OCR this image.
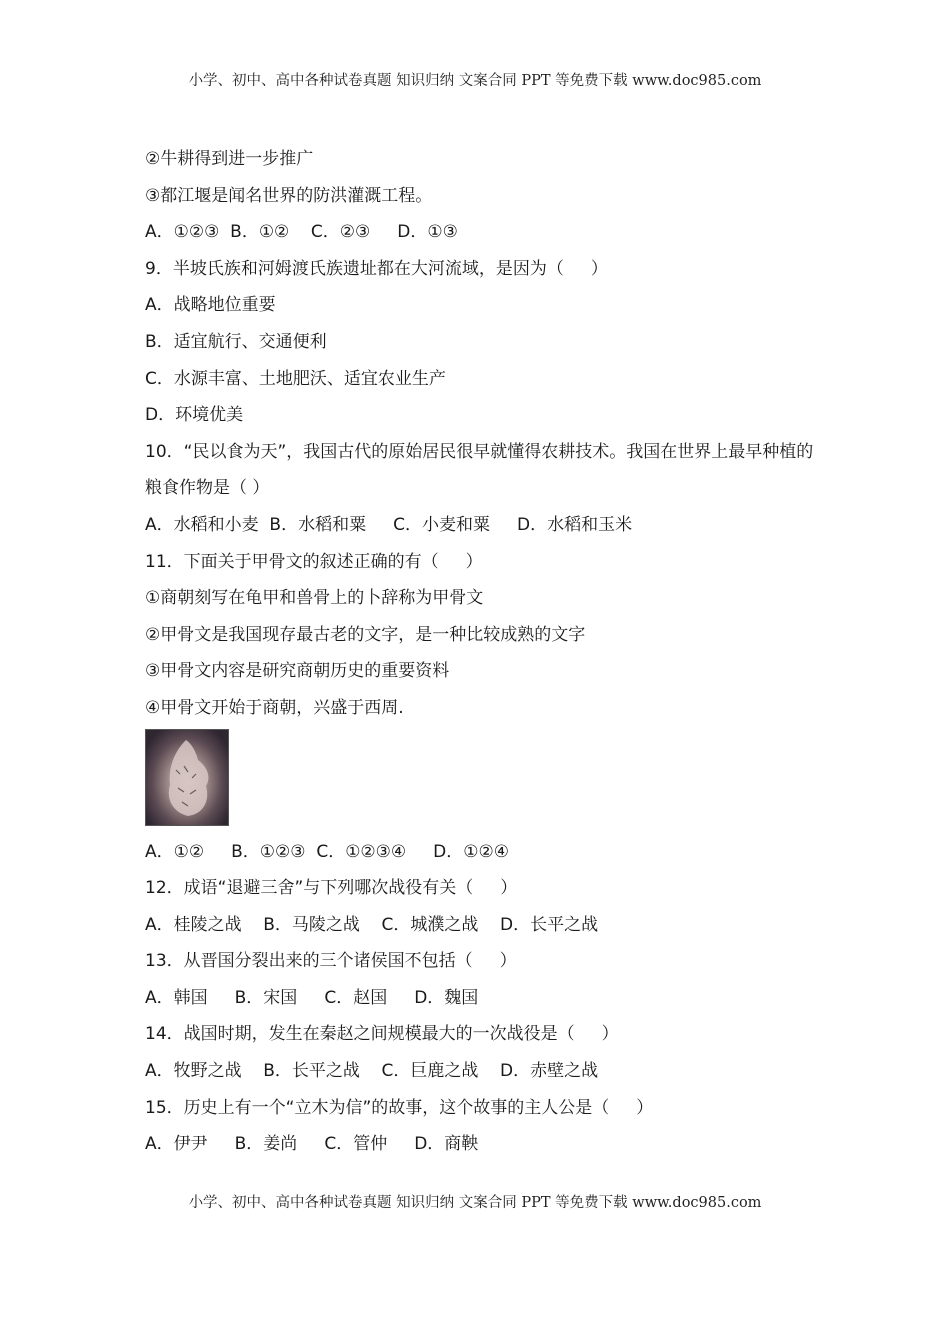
小学、初中、高中各种试卷真题 知识归纳 文案合同 PPT 等免费下载 www.doc985.com
②牛耕得到进一步推广
③都江堰是闻名世界的防洪灌溉工程。
A．①②③  B．①②    C．②③     D．①③
9．半坡氏族和河姆渡氏族遗址都在大河流域，是因为（     ）
A．战略地位重要
B．适宜航行、交通便利
C．水源丰富、土地肥沃、适宜农业生产
D．环境优美
10．“民以食为天”，我国古代的原始居民很早就懂得农耕技术。我国在世界上最早种植的粮食作物是（ ）
A．水稻和小麦  B．水稻和粟     C．小麦和粟     D．水稻和玉米
11．下面关于甲骨文的叙述正确的有（     ）
①商朝刻写在龟甲和兽骨上的卜辞称为甲骨文
②甲骨文是我国现存最古老的文字，是一种比较成熟的文字
③甲骨文内容是研究商朝历史的重要资料
④甲骨文开始于商朝，兴盛于西周.
A．①②     B．①②③  C．①②③④     D．①②④
12．成语“退避三舍”与下列哪次战役有关（     ）
A．桂陵之战    B．马陵之战    C．城濮之战    D．长平之战
13．从晋国分裂出来的三个诸侯国不包括（     ）
A．韩国     B．宋国     C．赵国     D．魏国
14．战国时期，发生在秦赵之间规模最大的一次战役是（     ）
A．牧野之战    B．长平之战    C．巨鹿之战    D．赤壁之战
15．历史上有一个“立木为信”的故事，这个故事的主人公是（     ）
A．伊尹     B．姜尚     C．管仲     D．商鞅
小学、初中、高中各种试卷真题 知识归纳 文案合同 PPT 等免费下载 www.doc985.com
